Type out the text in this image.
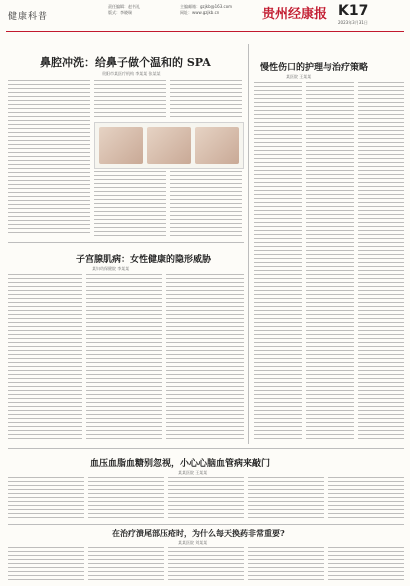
健康科普
责任编辑：赵书礼
版式：李晓瑞
主编邮箱：gzjkb@163.com
网址：www.gzjkb.cn	贵州经康报 K17
2023年3月31日
鼻腔冲洗：给鼻子做个温和的 SPA
贵阳市某医疗机构 李某某 张某某
慢性伤口的护理与治疗策略
某医院 王某某
子宫腺肌病：女性健康的隐形威胁
某妇幼保健院 李某某
血压血脂血糖别忽视，小心心脑血管病来敲门
某某医院 王某某
在治疗溃尾部压疮时，为什么每天换药非常重要?
某某医院 刘某某
